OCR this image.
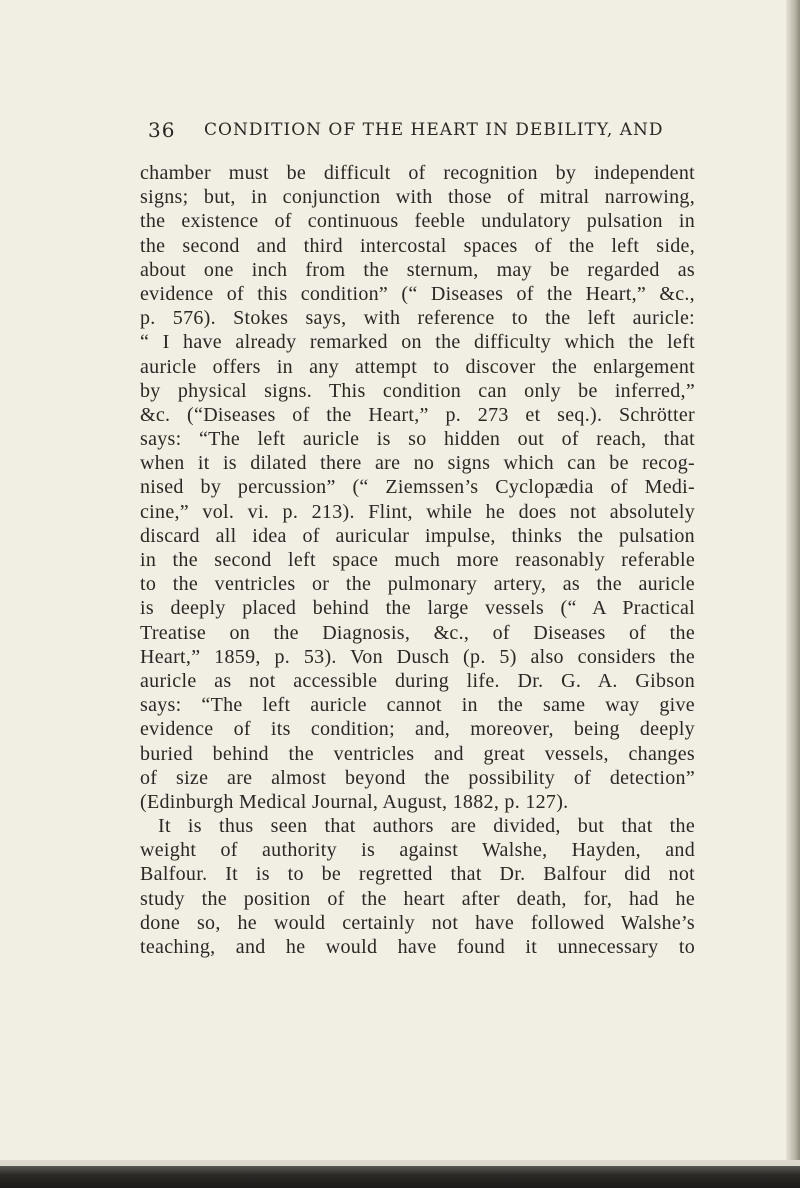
36 CONDITION OF THE HEART IN DEBILITY, AND
chamber must be difficult of recognition by independent
signs; but, in conjunction with those of mitral narrowing,
the existence of continuous feeble undulatory pulsation in
the second and third intercostal spaces of the left side,
about one inch from the sternum, may be regarded as
evidence of this condition” (“ Diseases of the Heart,” &c.,
p. 576). Stokes says, with reference to the left auricle:
“ I have already remarked on the difficulty which the left
auricle offers in any attempt to discover the enlargement
by physical signs. This condition can only be inferred,”
&c. (“Diseases of the Heart,” p. 273 et seq.). Schrötter
says: “The left auricle is so hidden out of reach, that
when it is dilated there are no signs which can be recog-
nised by percussion” (“ Ziemssen’s Cyclopædia of Medi-
cine,” vol. vi. p. 213). Flint, while he does not absolutely
discard all idea of auricular impulse, thinks the pulsation
in the second left space much more reasonably referable
to the ventricles or the pulmonary artery, as the auricle
is deeply placed behind the large vessels (“ A Practical
Treatise on the Diagnosis, &c., of Diseases of the
Heart,” 1859, p. 53). Von Dusch (p. 5) also considers the
auricle as not accessible during life. Dr. G. A. Gibson
says: “The left auricle cannot in the same way give
evidence of its condition; and, moreover, being deeply
buried behind the ventricles and great vessels, changes
of size are almost beyond the possibility of detection”
(Edinburgh Medical Journal, August, 1882, p. 127).
It is thus seen that authors are divided, but that the
weight of authority is against Walshe, Hayden, and
Balfour. It is to be regretted that Dr. Balfour did not
study the position of the heart after death, for, had he
done so, he would certainly not have followed Walshe’s
teaching, and he would have found it unnecessary to
